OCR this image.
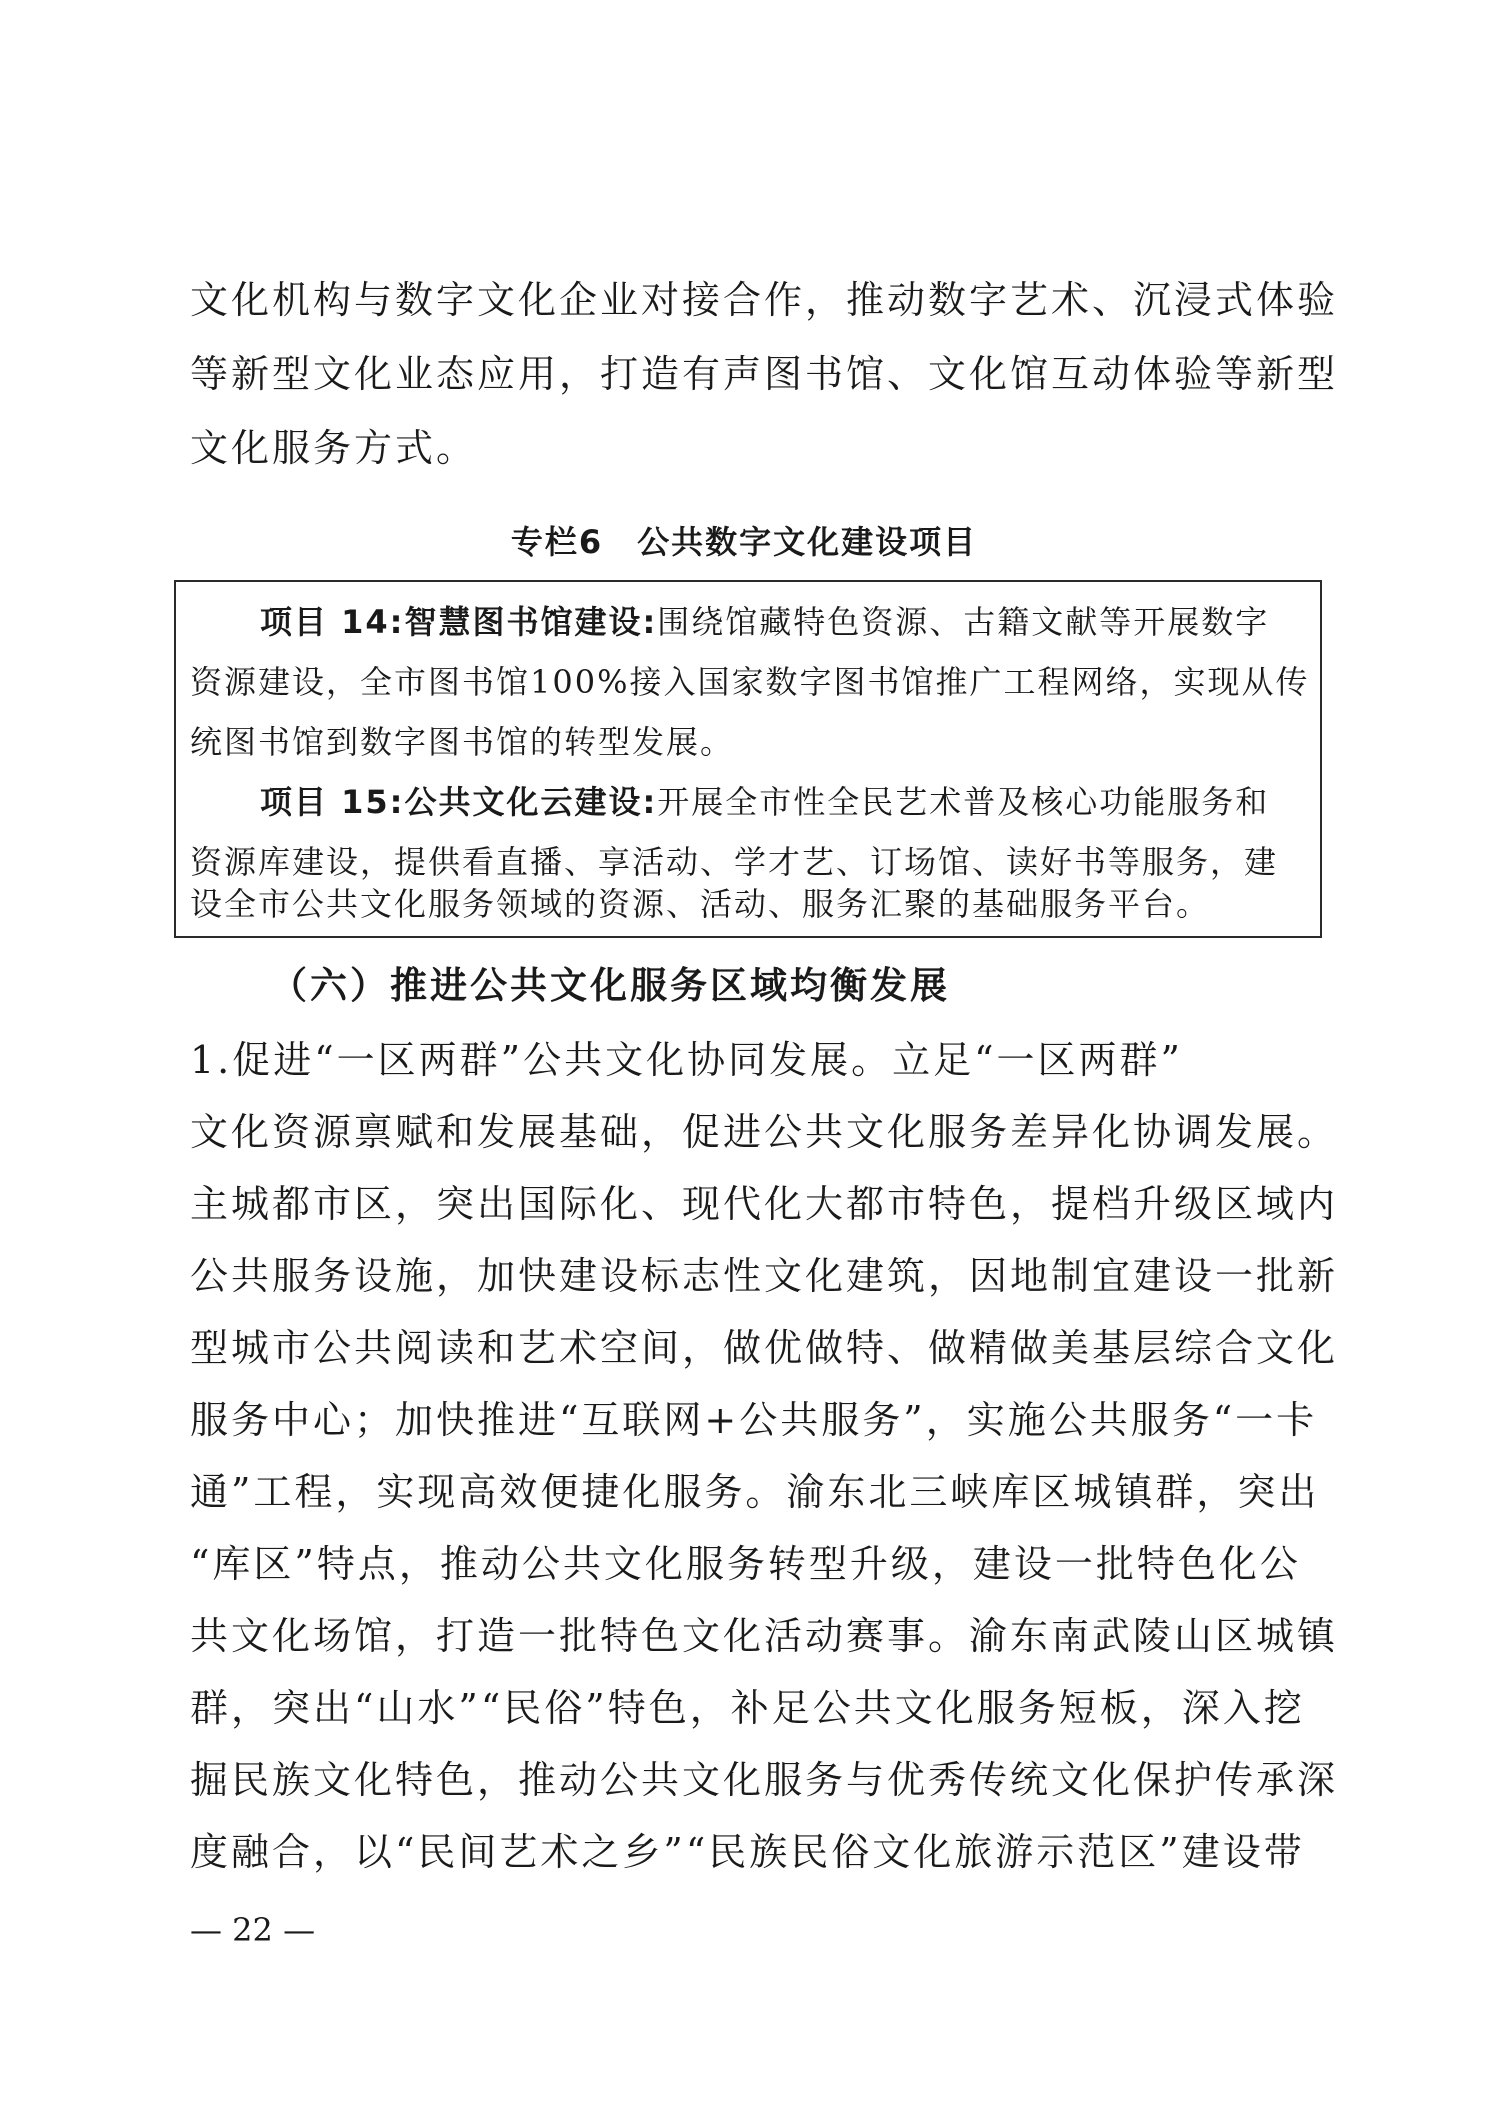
文化机构与数字文化企业对接合作，推动数字艺术、沉浸式体验
等新型文化业态应用，打造有声图书馆、文化馆互动体验等新型
文化服务方式。
专栏6　公共数字文化建设项目
项目 14:智慧图书馆建设:围绕馆藏特色资源、古籍文献等开展数字
资源建设，全市图书馆100%接入国家数字图书馆推广工程网络，实现从传
统图书馆到数字图书馆的转型发展。
项目 15:公共文化云建设:开展全市性全民艺术普及核心功能服务和
资源库建设，提供看直播、享活动、学才艺、订场馆、读好书等服务，建
设全市公共文化服务领域的资源、活动、服务汇聚的基础服务平台。
（六）推进公共文化服务区域均衡发展
1.促进“一区两群”公共文化协同发展。立足“一区两群”
文化资源禀赋和发展基础，促进公共文化服务差异化协调发展。
主城都市区，突出国际化、现代化大都市特色，提档升级区域内
公共服务设施，加快建设标志性文化建筑，因地制宜建设一批新
型城市公共阅读和艺术空间，做优做特、做精做美基层综合文化
服务中心；加快推进“互联网+公共服务”，实施公共服务“一卡
通”工程，实现高效便捷化服务。渝东北三峡库区城镇群，突出
“库区”特点，推动公共文化服务转型升级，建设一批特色化公
共文化场馆，打造一批特色文化活动赛事。渝东南武陵山区城镇
群，突出“山水”“民俗”特色，补足公共文化服务短板，深入挖
掘民族文化特色，推动公共文化服务与优秀传统文化保护传承深
度融合，以“民间艺术之乡”“民族民俗文化旅游示范区”建设带
— 22 —
